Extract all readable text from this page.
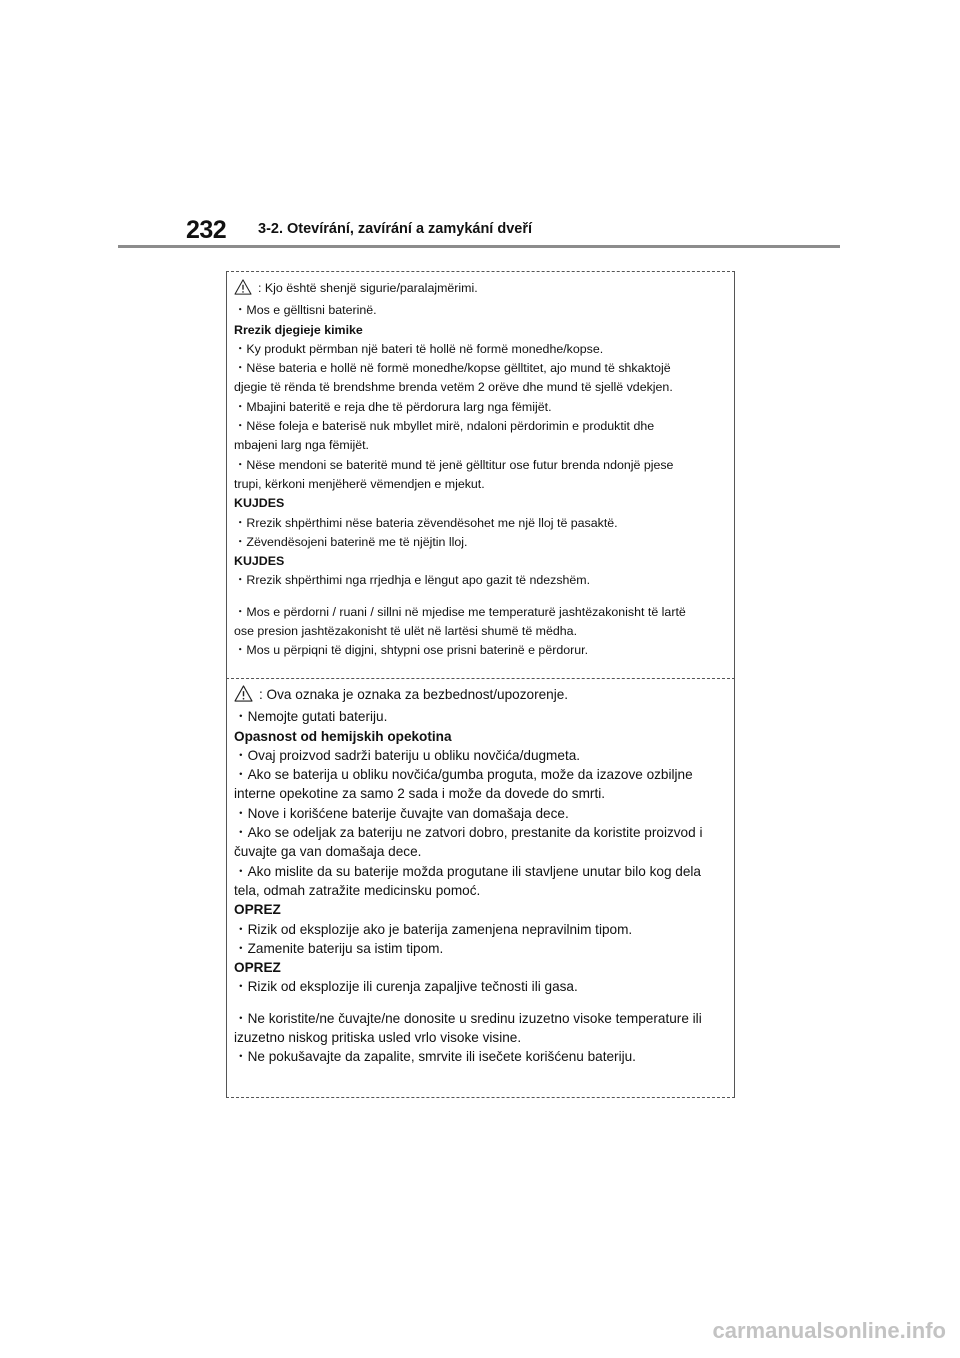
232 3-2. Otevírání, zavírání a zamykání dveří
: Kjo është shenjë sigurie/paralajmërimi.
・Mos e gëlltisni baterinë.
Rrezik djegieje kimike
・Ky produkt përmban një bateri të hollë në formë monedhe/kopse.
・Nëse bateria e hollë në formë monedhe/kopse gëlltitet, ajo mund të shkaktojë
djegie të rënda të brendshme brenda vetëm 2 orëve dhe mund të sjellë vdekjen.
・Mbajini bateritë e reja dhe të përdorura larg nga fëmijët.
・Nëse foleja e baterisë nuk mbyllet mirë, ndaloni përdorimin e produktit dhe
mbajeni larg nga fëmijët.
・Nëse mendoni se bateritë mund të jenë gëlltitur ose futur brenda ndonjë pjese
trupi, kërkoni menjëherë vëmendjen e mjekut.
KUJDES
・Rrezik shpërthimi nëse bateria zëvendësohet me një lloj të pasaktë.
・Zëvendësojeni baterinë me të njëjtin lloj.
KUJDES
・Rrezik shpërthimi nga rrjedhja e lëngut apo gazit të ndezshëm.
・Mos e përdorni / ruani / sillni në mjedise me temperaturë jashtëzakonisht të lartë
ose presion jashtëzakonisht të ulët në lartësi shumë të mëdha.
・Mos u përpiqni të digjni, shtypni ose prisni baterinë e përdorur.
: Ova oznaka je oznaka za bezbednost/upozorenje.
・Nemojte gutati bateriju.
Opasnost od hemijskih opekotina
・Ovaj proizvod sadrži bateriju u obliku novčića/dugmeta.
・Ako se baterija u obliku novčića/gumba proguta, može da izazove ozbiljne
interne opekotine za samo 2 sada i može da dovede do smrti.
・Nove i korišćene baterije čuvajte van domašaja dece.
・Ako se odeljak za bateriju ne zatvori dobro, prestanite da koristite proizvod i
čuvajte ga van domašaja dece.
・Ako mislite da su baterije možda progutane ili stavljene unutar bilo kog dela
tela, odmah zatražite medicinsku pomoć.
OPREZ
・Rizik od eksplozije ako je baterija zamenjena nepravilnim tipom.
・Zamenite bateriju sa istim tipom.
OPREZ
・Rizik od eksplozije ili curenja zapaljive tečnosti ili gasa.
・Ne koristite/ne čuvajte/ne donosite u sredinu izuzetno visoke temperature ili
izuzetno niskog pritiska usled vrlo visoke visine.
・Ne pokušavajte da zapalite, smrvite ili isečete korišćenu bateriju.
carmanualsonline.info
